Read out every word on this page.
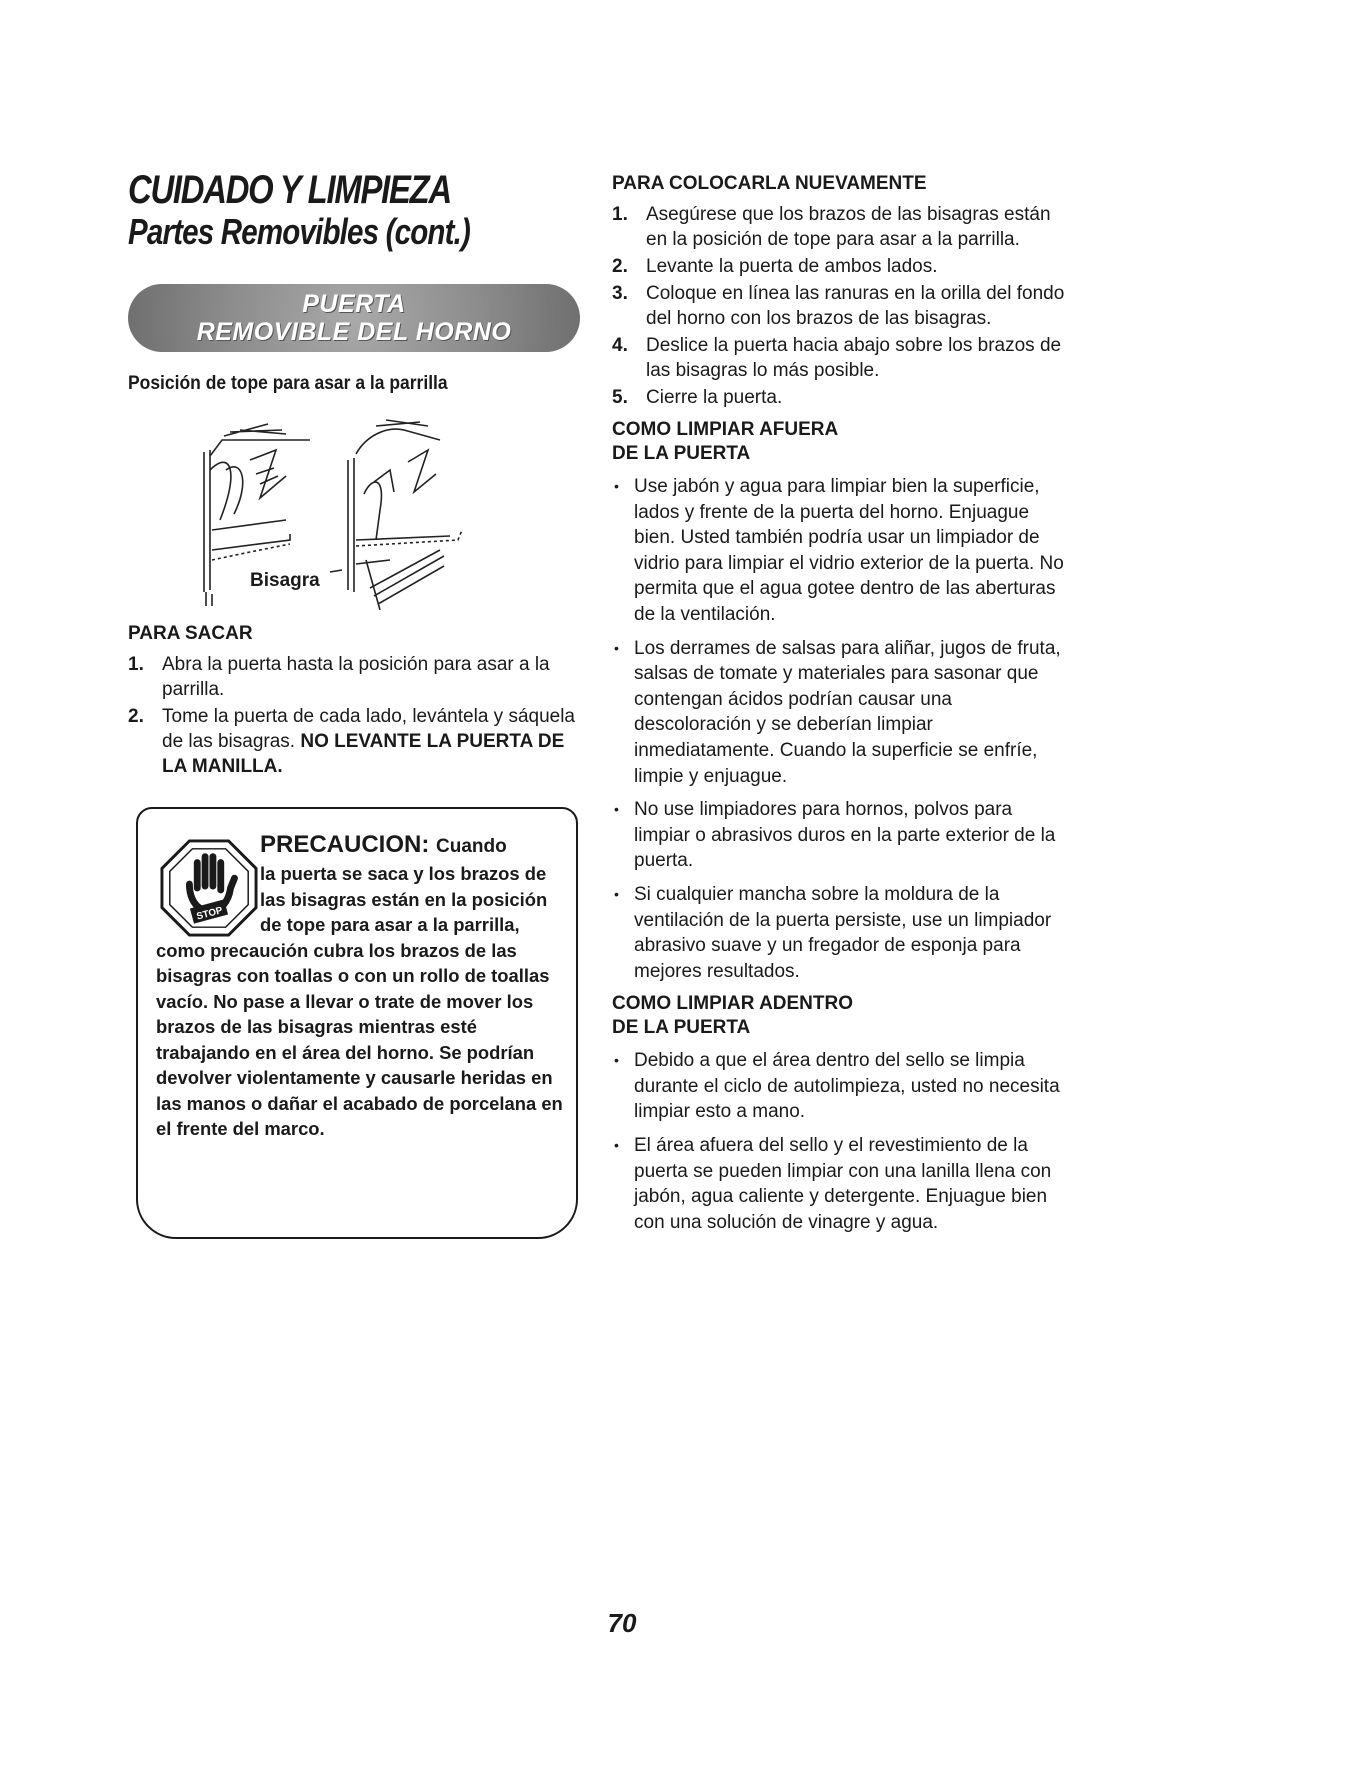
CUIDADO Y LIMPIEZA
Partes Removibles (cont.)
PUERTA
REMOVIBLE DEL HORNO
Posición de tope para asar a la parrilla
Bisagra
PARA SACAR
1. Abra la puerta hasta la posición para asar a la parrilla.
2. Tome la puerta de cada lado, levántela y sáquela de las bisagras. NO LEVANTE LA PUERTA DE LA MANILLA.
STOP
PRECAUCION: Cuando
la puerta se saca y los brazos de las bisagras están en la posición de tope para asar a la parrilla,
como precaución cubra los brazos de las bisagras con toallas o con un rollo de toallas vacío. No pase a llevar o trate de mover los brazos de las bisagras mientras esté trabajando en el área del horno. Se podrían devolver violentamente y causarle heridas en las manos o dañar el acabado de porcelana en el frente del marco.
PARA COLOCARLA NUEVAMENTE
1. Asegúrese que los brazos de las bisagras están en la posición de tope para asar a la parrilla.
2. Levante la puerta de ambos lados.
3. Coloque en línea las ranuras en la orilla del fondo del horno con los brazos de las bisagras.
4. Deslice la puerta hacia abajo sobre los brazos de las bisagras lo más posible.
5. Cierre la puerta.
COMO LIMPIAR AFUERA
DE LA PUERTA
• Use jabón y agua para limpiar bien la superficie, lados y frente de la puerta del horno. Enjuague bien. Usted también podría usar un limpiador de vidrio para limpiar el vidrio exterior de la puerta. No permita que el agua gotee dentro de las aberturas de la ventilación.
• Los derrames de salsas para aliñar, jugos de fruta, salsas de tomate y materiales para sasonar que contengan ácidos podrían causar una descoloración y se deberían limpiar inmediatamente. Cuando la superficie se enfríe, limpie y enjuague.
• No use limpiadores para hornos, polvos para limpiar o abrasivos duros en la parte exterior de la puerta.
• Si cualquier mancha sobre la moldura de la ventilación de la puerta persiste, use un limpiador abrasivo suave y un fregador de esponja para mejores resultados.
COMO LIMPIAR ADENTRO
DE LA PUERTA
• Debido a que el área dentro del sello se limpia durante el ciclo de autolimpieza, usted no necesita limpiar esto a mano.
• El área afuera del sello y el revestimiento de la puerta se pueden limpiar con una lanilla llena con jabón, agua caliente y detergente. Enjuague bien con una solución de vinagre y agua.
70
